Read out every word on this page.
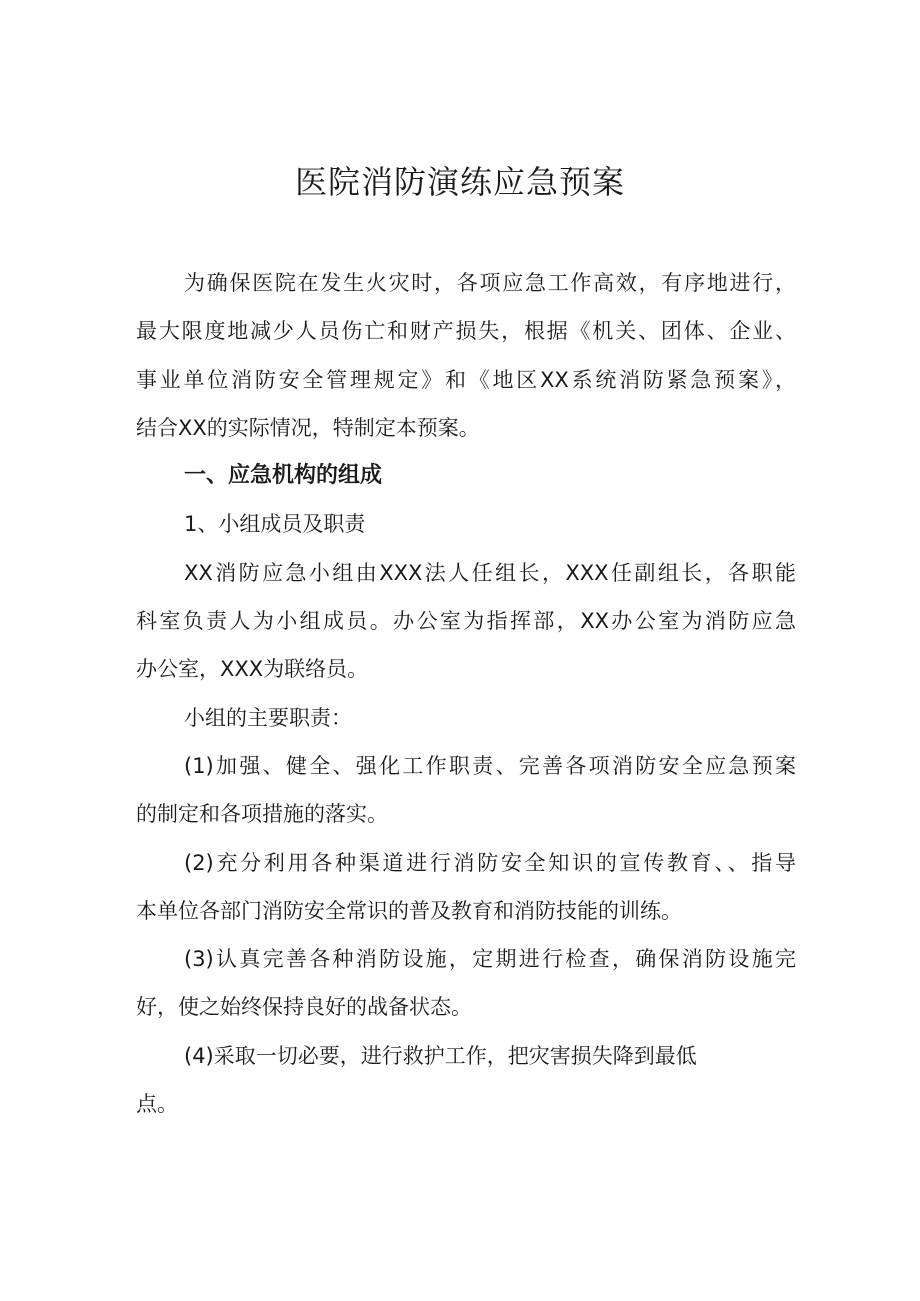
医院消防演练应急预案
为确保医院在发生火灾时，各项应急工作高效，有序地进行，
最大限度地减少人员伤亡和财产损失，根据《机关、团体、企业、
事业单位消防安全管理规定》和《地区XX系统消防紧急预案》，
结合XX的实际情况，特制定本预案。
一、应急机构的组成
1、小组成员及职责
XX消防应急小组由XXX法人任组长，XXX任副组长，各职能
科室负责人为小组成员。办公室为指挥部，XX办公室为消防应急
办公室，XXX为联络员。
小组的主要职责：
(1)加强、健全、强化工作职责、完善各项消防安全应急预案
的制定和各项措施的落实。
(2)充分利用各种渠道进行消防安全知识的宣传教育、、指导
本单位各部门消防安全常识的普及教育和消防技能的训练。
(3)认真完善各种消防设施，定期进行检查，确保消防设施完
好，使之始终保持良好的战备状态。
(4)采取一切必要，进行救护工作，把灾害损失降到最低
点。
